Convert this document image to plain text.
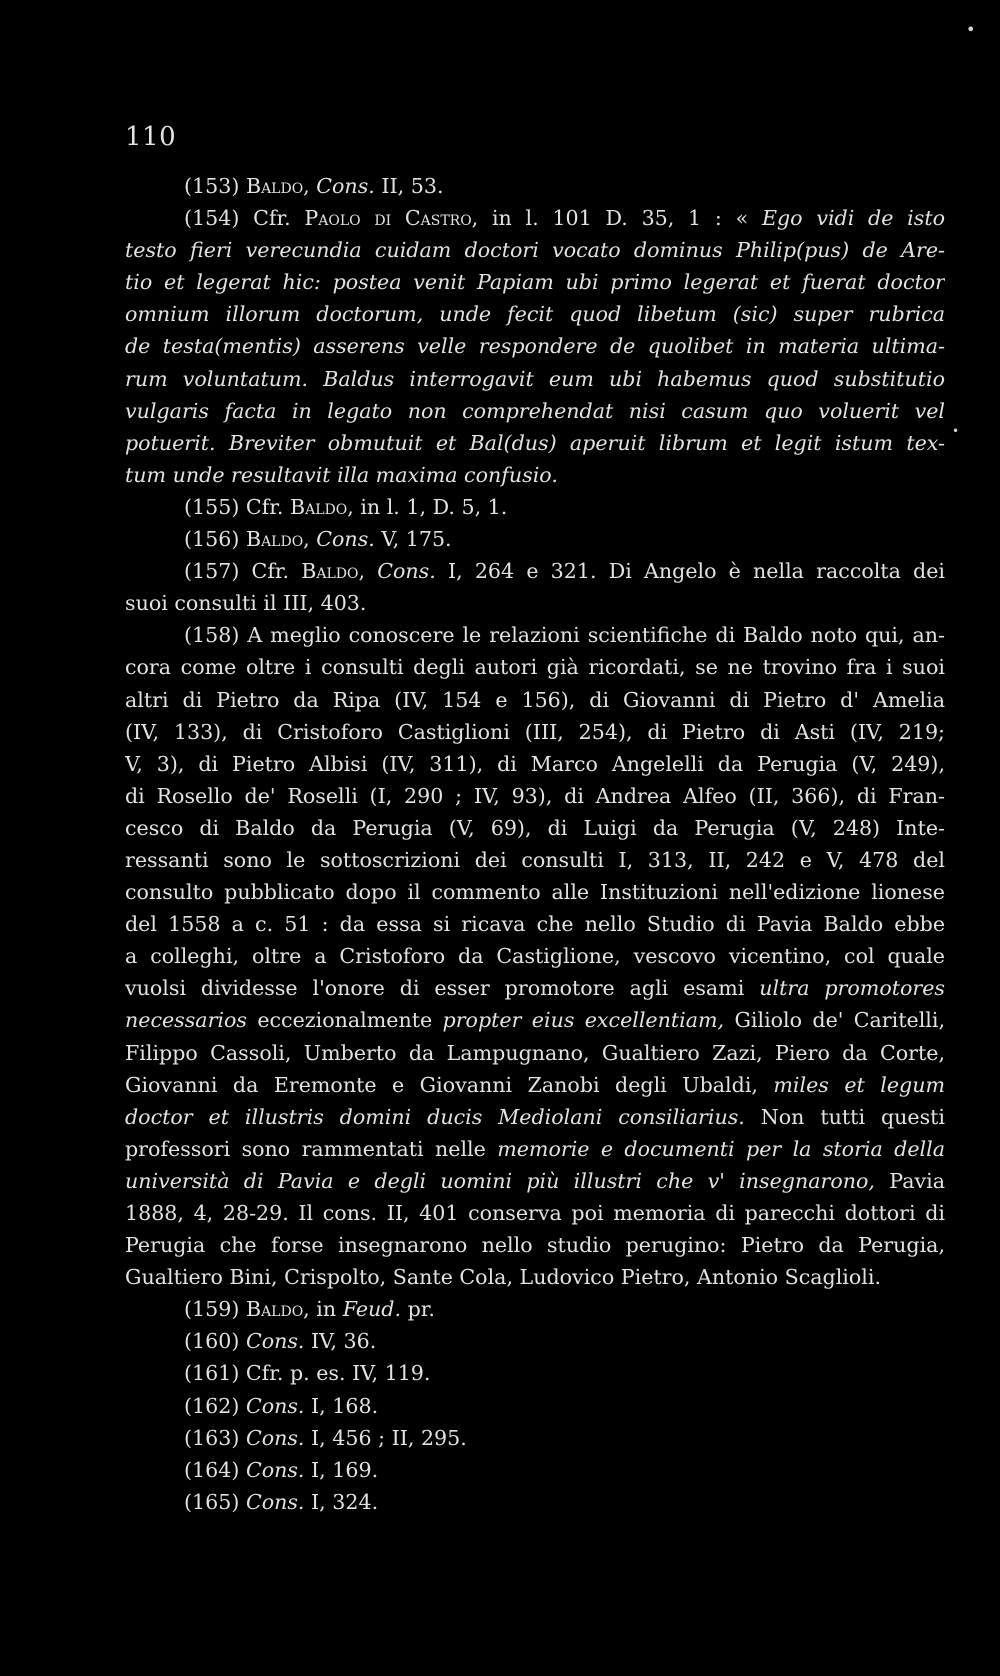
•
•
110
(153) Baldo, Cons. II, 53.
(154) Cfr. Paolo di Castro, in l. 101 D. 35, 1 : « Ego vidi de isto
testo fieri verecundia cuidam doctori vocato dominus Philip(pus) de Are-
tio et legerat hic: postea venit Papiam ubi primo legerat et fuerat doctor
omnium illorum doctorum, unde fecit quod libetum (sic) super rubrica
de testa(mentis) asserens velle respondere de quolibet in materia ultima-
rum voluntatum. Baldus interrogavit eum ubi habemus quod substitutio
vulgaris facta in legato non comprehendat nisi casum quo voluerit vel
potuerit. Breviter obmutuit et Bal(dus) aperuit librum et legit istum tex-
tum unde resultavit illa maxima confusio.
(155) Cfr. Baldo, in l. 1, D. 5, 1.
(156) Baldo, Cons. V, 175.
(157) Cfr. Baldo, Cons. I, 264 e 321. Di Angelo è nella raccolta dei
suoi consulti il III, 403.
(158) A meglio conoscere le relazioni scientifiche di Baldo noto qui, an-
cora come oltre i consulti degli autori già ricordati, se ne trovino fra i suoi
altri di Pietro da Ripa (IV, 154 e 156), di Giovanni di Pietro d' Amelia
(IV, 133), di Cristoforo Castiglioni (III, 254), di Pietro di Asti (IV, 219;
V, 3), di Pietro Albisi (IV, 311), di Marco Angelelli da Perugia (V, 249),
di Rosello de' Roselli (I, 290 ; IV, 93), di Andrea Alfeo (II, 366), di Fran-
cesco di Baldo da Perugia (V, 69), di Luigi da Perugia (V, 248) Inte-
ressanti sono le sottoscrizioni dei consulti I, 313, II, 242 e V, 478 del
consulto pubblicato dopo il commento alle Instituzioni nell'edizione lionese
del 1558 a c. 51 : da essa si ricava che nello Studio di Pavia Baldo ebbe
a colleghi, oltre a Cristoforo da Castiglione, vescovo vicentino, col quale
vuolsi dividesse l'onore di esser promotore agli esami ultra promotores
necessarios eccezionalmente propter eius excellentiam, Giliolo de' Caritelli,
Filippo Cassoli, Umberto da Lampugnano, Gualtiero Zazi, Piero da Corte,
Giovanni da Eremonte e Giovanni Zanobi degli Ubaldi, miles et legum
doctor et illustris domini ducis Mediolani consiliarius. Non tutti questi
professori sono rammentati nelle memorie e documenti per la storia della
università di Pavia e degli uomini più illustri che v' insegnarono, Pavia
1888, 4, 28-29. Il cons. II, 401 conserva poi memoria di parecchi dottori di
Perugia che forse insegnarono nello studio perugino: Pietro da Perugia,
Gualtiero Bini, Crispolto, Sante Cola, Ludovico Pietro, Antonio Scaglioli.
(159) Baldo, in Feud. pr.
(160) Cons. IV, 36.
(161) Cfr. p. es. IV, 119.
(162) Cons. I, 168.
(163) Cons. I, 456 ; II, 295.
(164) Cons. I, 169.
(165) Cons. I, 324.
